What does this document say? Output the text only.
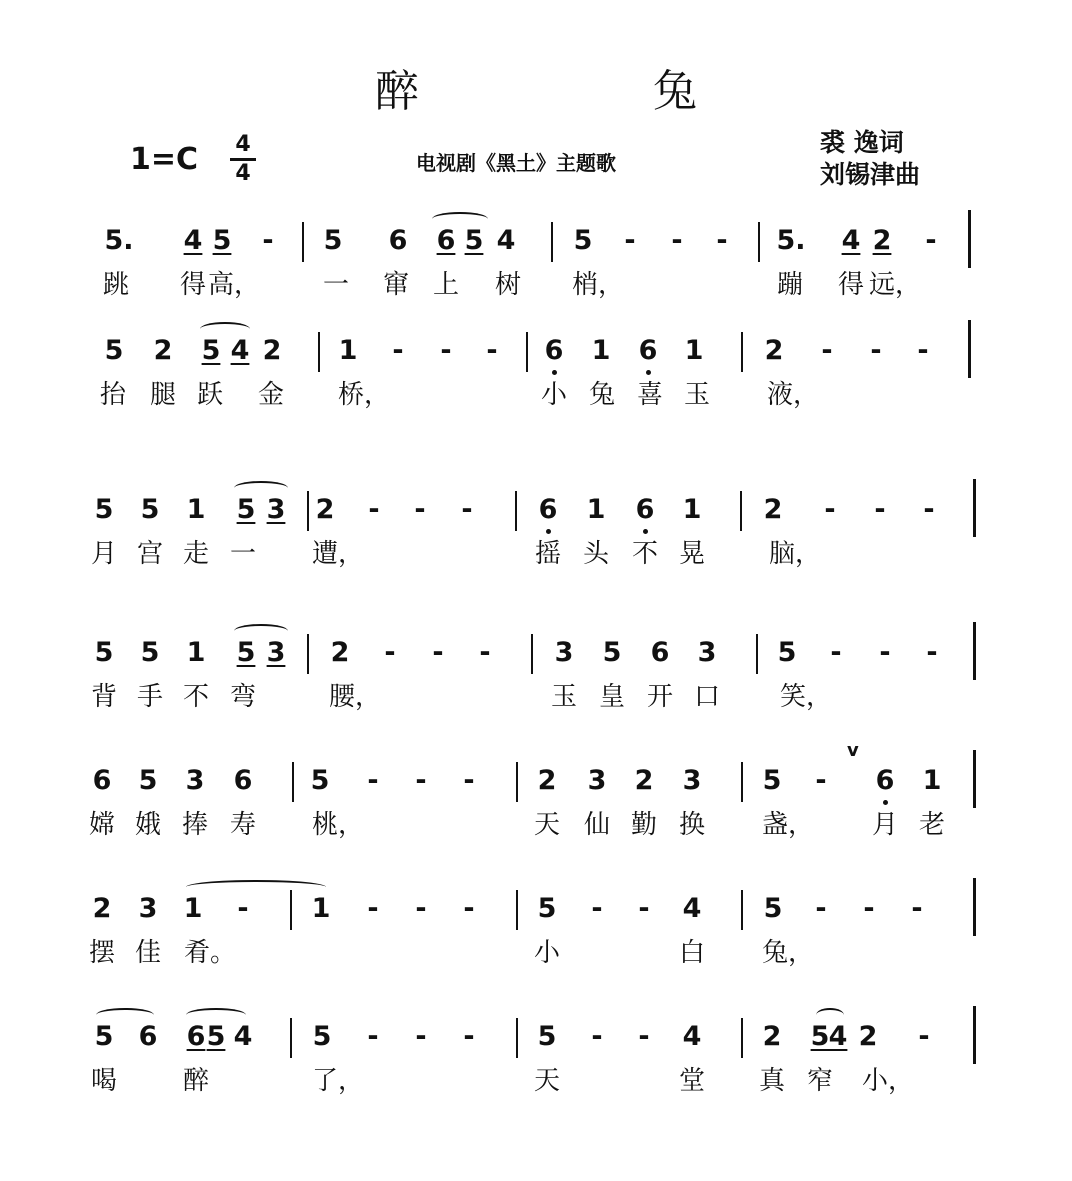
醉 兔
1=C 4
4	电视剧《黑土》主题歌
裘 逸词
刘锡津曲
5. 4 5	-	5 6 6 5 4 5	-	-	-	5. 4 2	-
跳 得 高， 一 窜 上 树 梢，	蹦 得 远，
5 2 5 4 2 1	-	-	-	6 1 6 1 2	-	-	-
抬 腿 跃 金 桥，	小 兔 喜 玉 液，
5 5 1 5 3 2	-	-	-	6 1 6 1 2	-	-	-
月 宫 走 一 遭，	摇 头 不 晃 脑，
5 5 1 5 3 2	-	-	-	3 5 6 3 5	-	-	-
背 手 不 弯	腰，	玉 皇 开 口 笑，
6 5 3 6 5	-	-	-	2 3 2 3 5	-	6 1
v
嫦 娥 捧 寿 桃，	天 仙 勤 换 盏， 月 老
2 3 1	-	1	-	-	-	5	-	-	4 5	-	-	-
摆 佳 肴。	小	白 兔，
5 6 6 5 4 5	-	-	-	5	-	-	4 2 5 4 2	-
喝	醉	了，	天	堂 真 窄 小，
